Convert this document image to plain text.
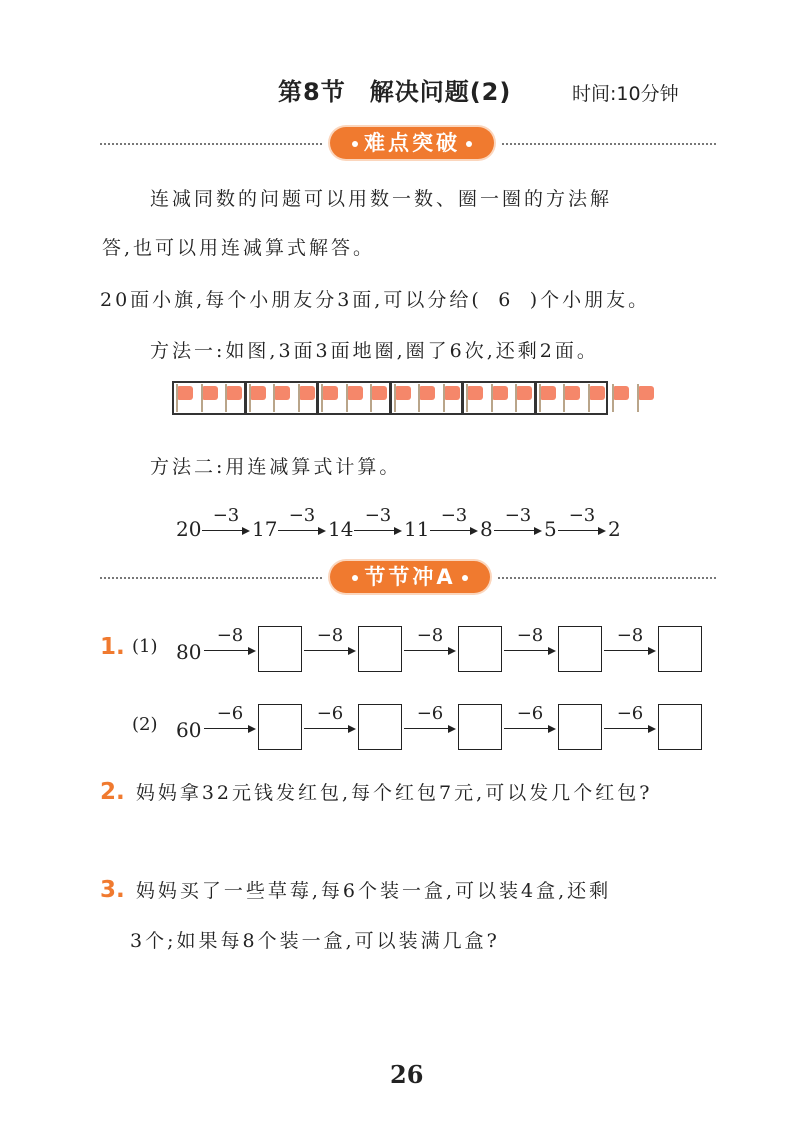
第8节 解决问题(2)	时间:10分钟
难点突破
连减同数的问题可以用数一数、圈一圈的方法解
答,也可以用连减算式解答。
20面小旗,每个小朋友分3面,可以分给( 6 )个小朋友。
方法一:如图,3面3面地圈,圈了6次,还剩2面。
方法二:用连减算式计算。
20
−3
17
−3
14
−3
11
−3
8
−3
5
−3
2
节节冲A
1. (1) 80
−8	−8	−8	−8	−8
(2) 60
−6	−6	−6	−6	−6
2. 妈妈拿32元钱发红包,每个红包7元,可以发几个红包?
3. 妈妈买了一些草莓,每6个装一盒,可以装4盒,还剩
3个;如果每8个装一盒,可以装满几盒?
26
